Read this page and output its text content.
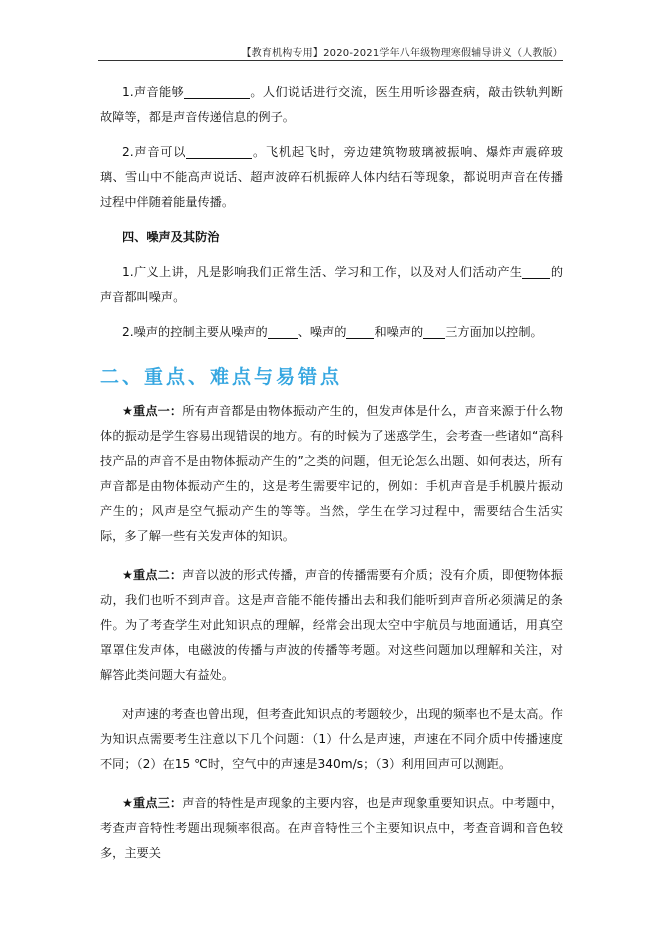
【教育机构专用】2020-2021学年八年级物理寒假辅导讲义（人教版）

1.声音能够	。人们说话进行交流，医生用听诊器查病，敲击铁轨判断故障等，都是声音传递信息的例子。

2.声音可以	。飞机起飞时，旁边建筑物玻璃被振响、爆炸声震碎玻璃、雪山中不能高声说话、超声波碎石机振碎人体内结石等现象，都说明声音在传播过程中伴随着能量传播。

四、噪声及其防治

1.广义上讲，凡是影响我们正常生活、学习和工作，以及对人们活动产生 的声音都叫噪声。

2.噪声的控制主要从噪声的 、噪声的 和噪声的 三方面加以控制。

二、重点、难点与易错点

★重点一：所有声音都是由物体振动产生的，但发声体是什么，声音来源于什么物体的振动是学生容易出现错误的地方。有的时候为了迷惑学生，会考查一些诸如“高科技产品的声音不是由物体振动产生的”之类的问题，但无论怎么出题、如何表达，所有声音都是由物体振动产生的，这是考生需要牢记的，例如：手机声音是手机膜片振动产生的；风声是空气振动产生的等等。当然，学生在学习过程中，需要结合生活实际，多了解一些有关发声体的知识。

★重点二：声音以波的形式传播，声音的传播需要有介质；没有介质，即便物体振动，我们也听不到声音。这是声音能不能传播出去和我们能听到声音所必须满足的条件。为了考查学生对此知识点的理解，经常会出现太空中宇航员与地面通话，用真空罩罩住发声体，电磁波的传播与声波的传播等考题。对这些问题加以理解和关注，对解答此类问题大有益处。

对声速的考查也曾出现，但考查此知识点的考题较少，出现的频率也不是太高。作为知识点需要考生注意以下几个问题：（1）什么是声速，声速在不同介质中传播速度不同；（2）在15 ℃时，空气中的声速是340m/s；（3）利用回声可以测距。

★重点三：声音的特性是声现象的主要内容，也是声现象重要知识点。中考题中，考查声音特性考题出现频率很高。在声音特性三个主要知识点中，考查音调和音色较多，主要关
